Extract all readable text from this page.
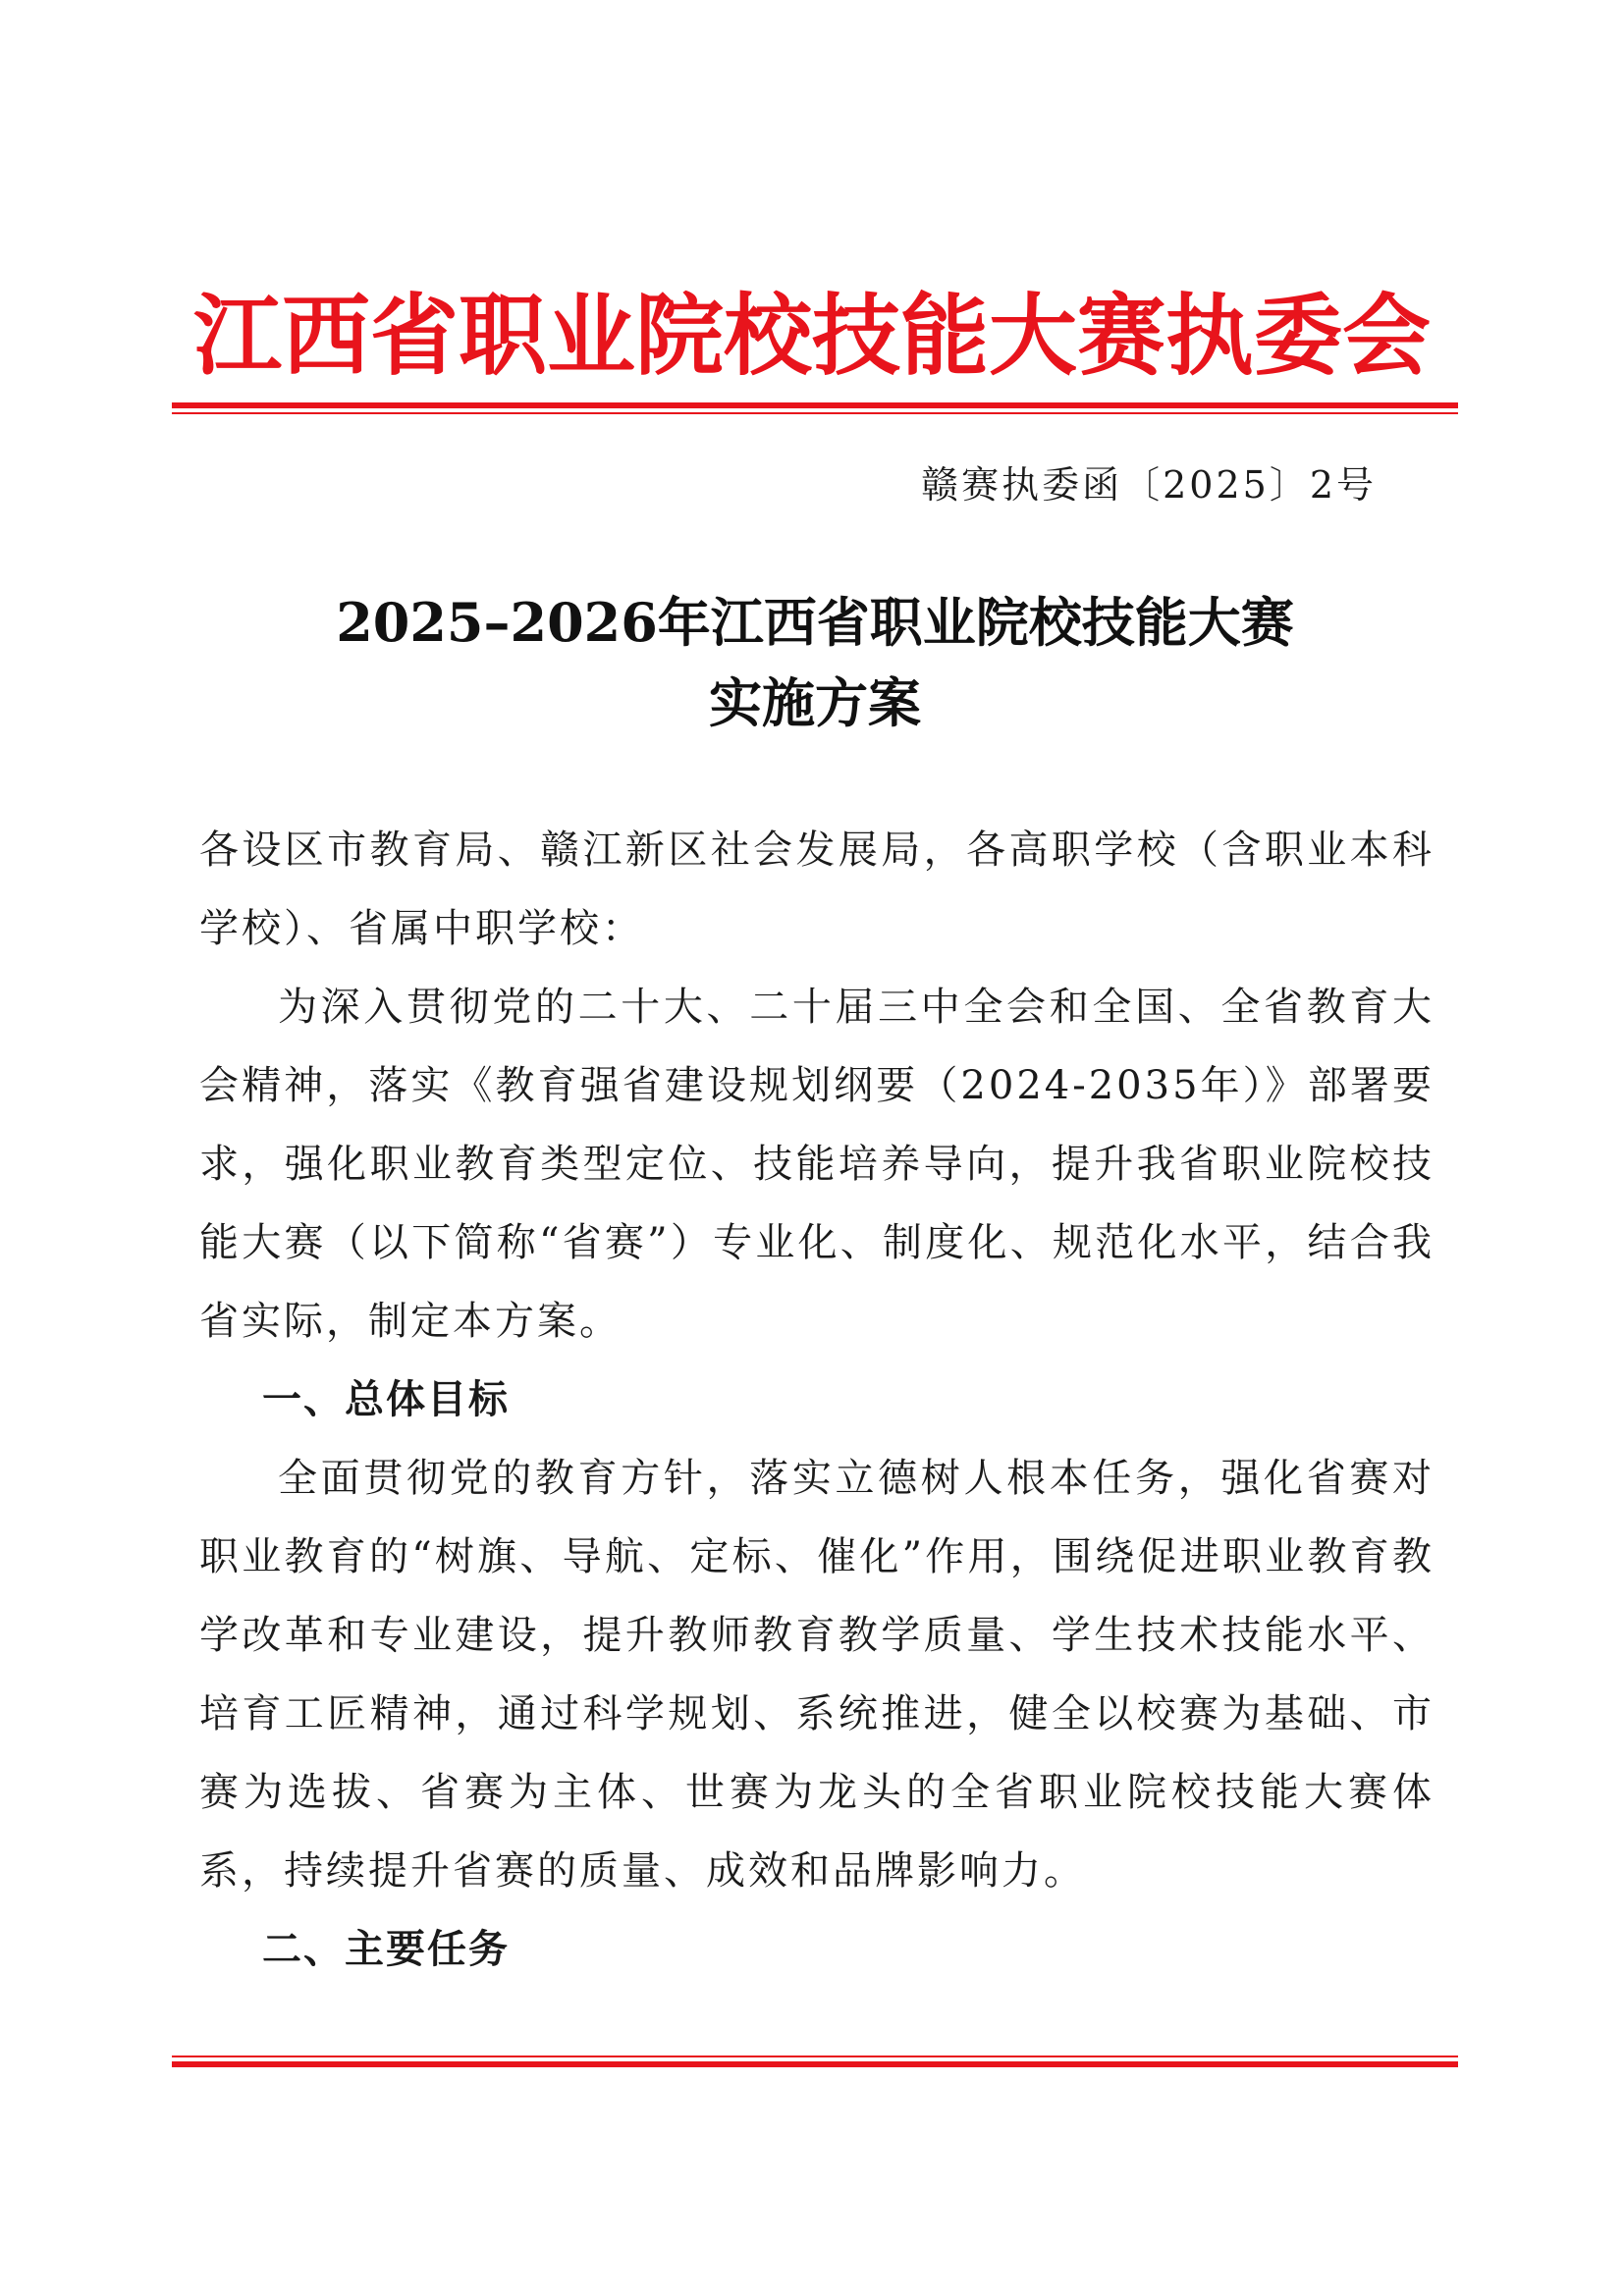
江西省职业院校技能大赛执委会
赣赛执委函〔2025〕2号
2025–2026年江西省职业院校技能大赛
实施方案

各设区市教育局、赣江新区社会发展局，各高职学校（含职业本科学校）、省属中职学校：

为深入贯彻党的二十大、二十届三中全会和全国、全省教育大会精神，落实《教育强省建设规划纲要（2024-2035年）》部署要求，强化职业教育类型定位、技能培养导向，提升我省职业院校技能大赛（以下简称“省赛”）专业化、制度化、规范化水平，结合我省实际，制定本方案。

一、总体目标

全面贯彻党的教育方针，落实立德树人根本任务，强化省赛对职业教育的“树旗、导航、定标、催化”作用，围绕促进职业教育教学改革和专业建设，提升教师教育教学质量、学生技术技能水平、培育工匠精神，通过科学规划、系统推进，健全以校赛为基础、市赛为选拔、省赛为主体、世赛为龙头的全省职业院校技能大赛体系，持续提升省赛的质量、成效和品牌影响力。

二、主要任务
